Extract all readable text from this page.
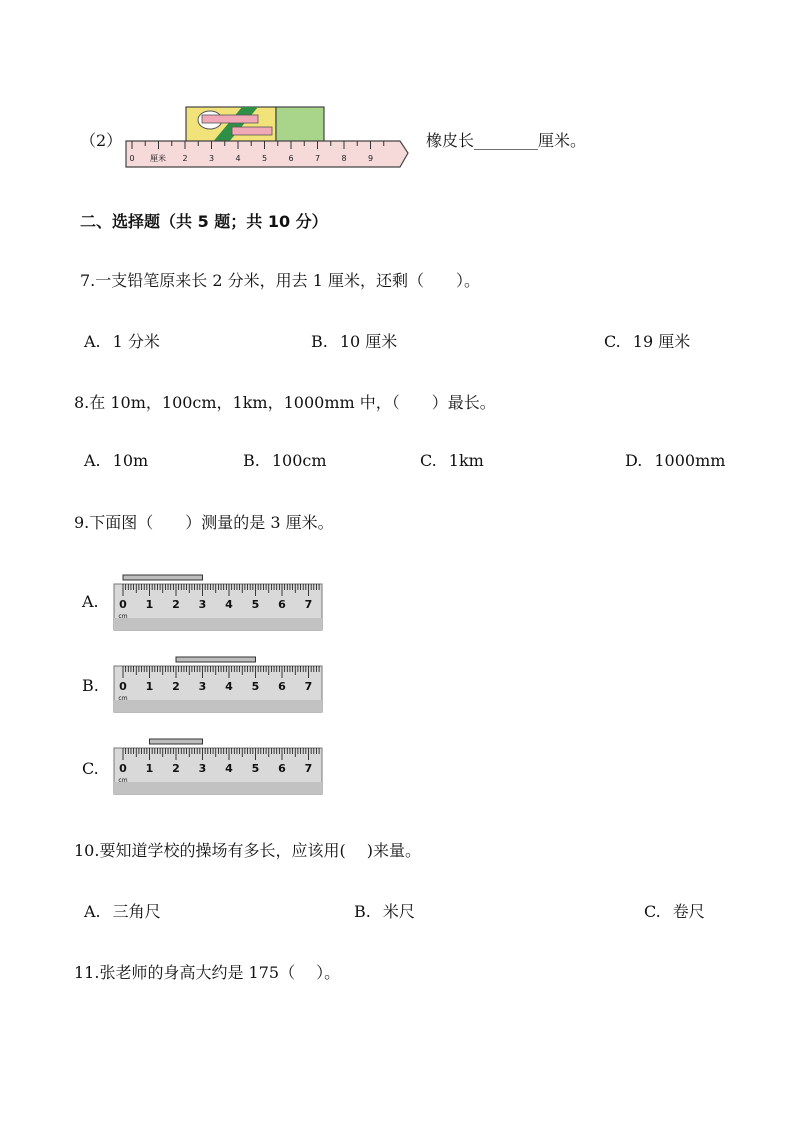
（2）
0	2	3	4	5	6	7	8	9
厘米
橡皮长________厘米。
二、选择题（共 5 题；共 10 分）
7.一支铅笔原来长 2 分米，用去 1 厘米，还剩（　　）。
A. 1 分米	B. 10 厘米	C. 19 厘米
8.在 10m，100cm，1km，1000mm 中，（　　）最长。
A. 10m	B. 100cm	C. 1km	D. 1000mm
9.下面图（　　）测量的是 3 厘米。
A. 0 1 2 3 4 5 6 7
cm
B. 0 1 2 3 4 5 6 7
cm
C. 0 1 2 3 4 5 6 7
cm
10.要知道学校的操场有多长，应该用(　 )来量。
A. 三角尺	B. 米尺	C. 卷尺
11.张老师的身高大约是 175（　 ）。
